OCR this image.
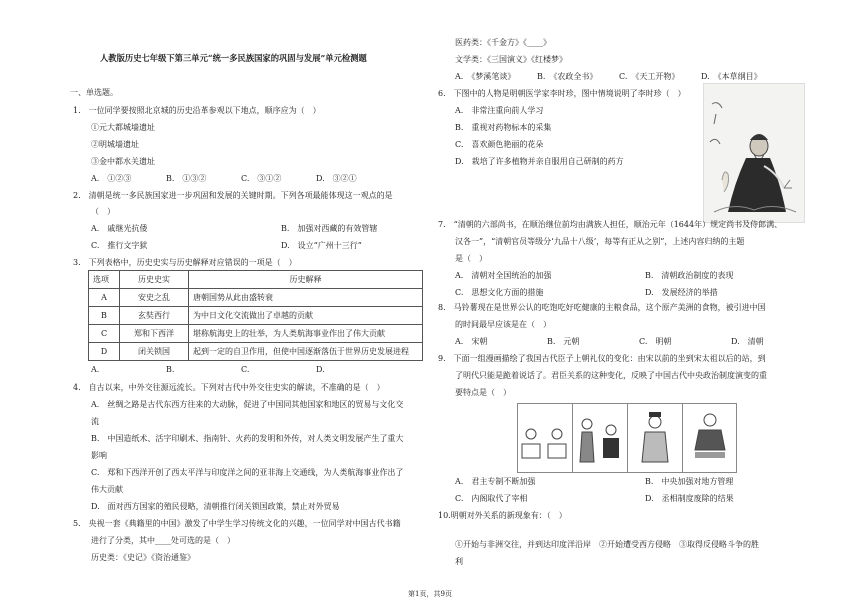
人教版历史七年级下第三单元“统一多民族国家的巩固与发展”单元检测题
一、单选题。
1.　一位同学要按照北京城的历史沿革参观以下地点，顺序应为（　）
①元大都城墙遗址
②明城墙遗址
③金中都水关遗址
A.　①②③	B.　①③②	C.　③①②	D.　③②①
2.　清朝是统一多民族国家进一步巩固和发展的关键时期。下列各项最能体现这一观点的是
（　）
A.　戚继光抗倭	B.　加强对西藏的有效管辖
C.　推行文字狱	D.　设立“广州十三行”
3.　下列表格中，历史史实与历史解释对应错误的一项是（　）
选项	历史史实	历史解释
A	安史之乱	唐朝国势从此由盛转衰
B	玄奘西行	为中日文化交流做出了卓越的贡献
C	郑和下西洋	堪称航海史上的壮举，为人类航海事业作出了伟大贡献
D	闭关锁国	起到一定的自卫作用，但使中国逐渐落伍于世界历史发展进程
A.	B.	C.	D.
4.　自古以来，中外交往源远流长。下列对古代中外交往史实的解读，不准确的是（　）
A.　丝绸之路是古代东西方往来的大动脉，促进了中国同其他国家和地区的贸易与文化交
流
B.　中国造纸术、活字印刷术、指南针、火药的发明和外传，对人类文明发展产生了重大
影响
C.　郑和下西洋开创了西太平洋与印度洋之间的亚非海上交通线，为人类航海事业作出了
伟大贡献
D.　面对西方国家的殖民侵略，清朝推行闭关锁国政策，禁止对外贸易
5.　央视一套《典籍里的中国》激发了中学生学习传统文化的兴趣，一位同学对中国古代书籍
进行了分类，其中____处可选的是（　）
历史类：《史记》《资治通鉴》
医药类：《千金方》《____》
文学类：《三国演义》《红楼梦》
A.　《梦溪笔谈》	B.　《农政全书》	C.　《天工开物》	D.　《本草纲目》
6.　下图中的人物是明朝医学家李时珍，图中情境说明了李时珍（　）
A.　非常注重向前人学习
B.　重视对药物标本的采集
C.　喜欢颜色艳丽的花朵
D.　栽培了许多植物并亲自服用自己研制的药方
7.　“清朝的六部尚书，在顺治继位前均由满族人担任，顺治元年（1644年）规定尚书及侍郎满、
汉各一”，“清朝官员等级分‘九品十八级’，每等有正从之别”，上述内容归纳的主题
是（　）
A.　清朝对全国统治的加强	B.　清朝政治制度的表现
C.　思想文化方面的措施	D.　发展经济的举措
8.　马铃薯现在是世界公认的吃饱吃好吃健康的主粮食品，这个原产美洲的食物，被引进中国
的时间最早应该是在（　）
A.　宋朝	B.　元朝	C.　明朝	D.　清朝
9.　下面一组漫画描绘了我国古代臣子上朝礼仪的变化：由宋以前的坐到宋太祖以后的站，到
了明代只能是跪着说话了。君臣关系的这种变化，反映了中国古代中央政治制度演变的重
要特点是（　）
A.　君主专制不断加强	B.　中央加强对地方管理
C.　内阁取代了宰相	D.　丞相制度废除的结果
10.明朝对外关系的新现象有：（　）
①开始与非洲交往，并到达印度洋沿岸　②开始遭受西方侵略　③取得反侵略斗争的胜
利
第1页，共9页
